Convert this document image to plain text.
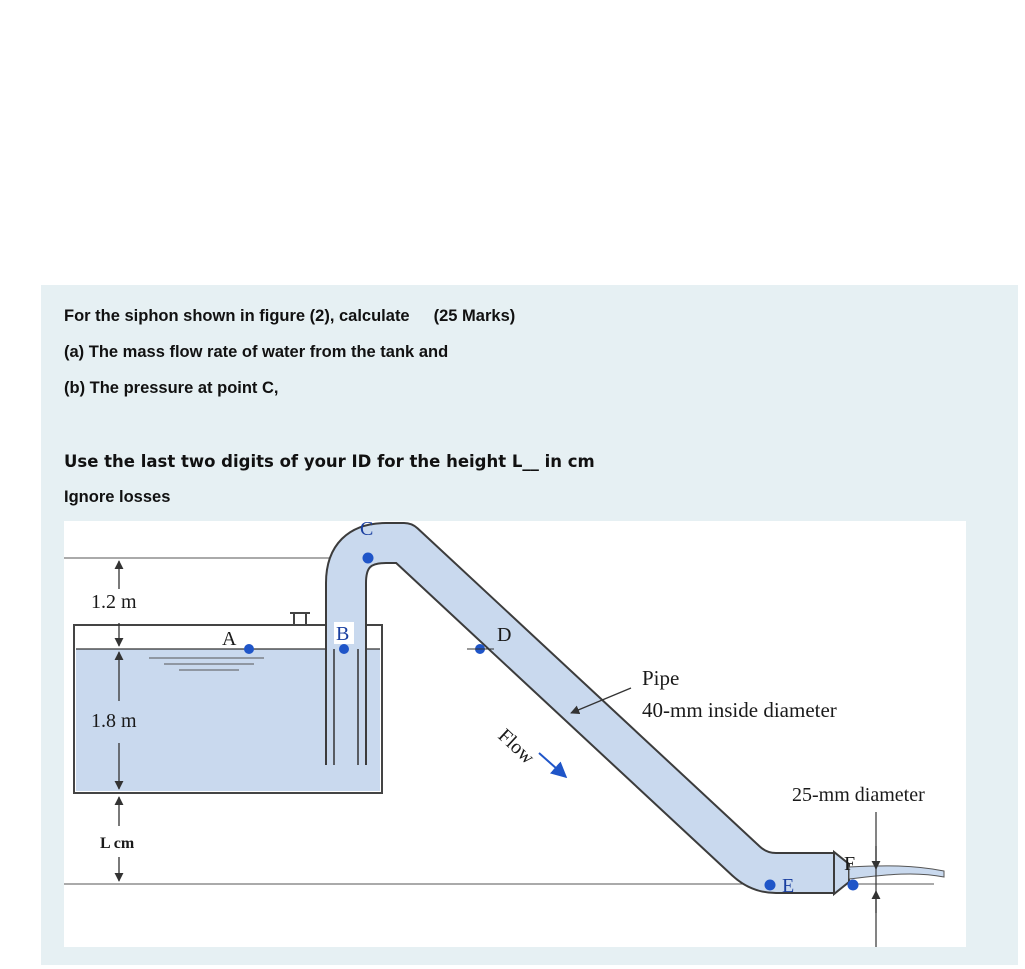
For the siphon shown in figure (2), calculate (25 Marks)
(a) The mass flow rate of water from the tank and
(b) The pressure at point C,
Use the last two digits of your ID for the height L__ in cm
Ignore losses
1.2 m
1.8 m
L cm
A	B
C
D
E
F
Flow
Pipe
40-mm inside diameter
25-mm diameter
